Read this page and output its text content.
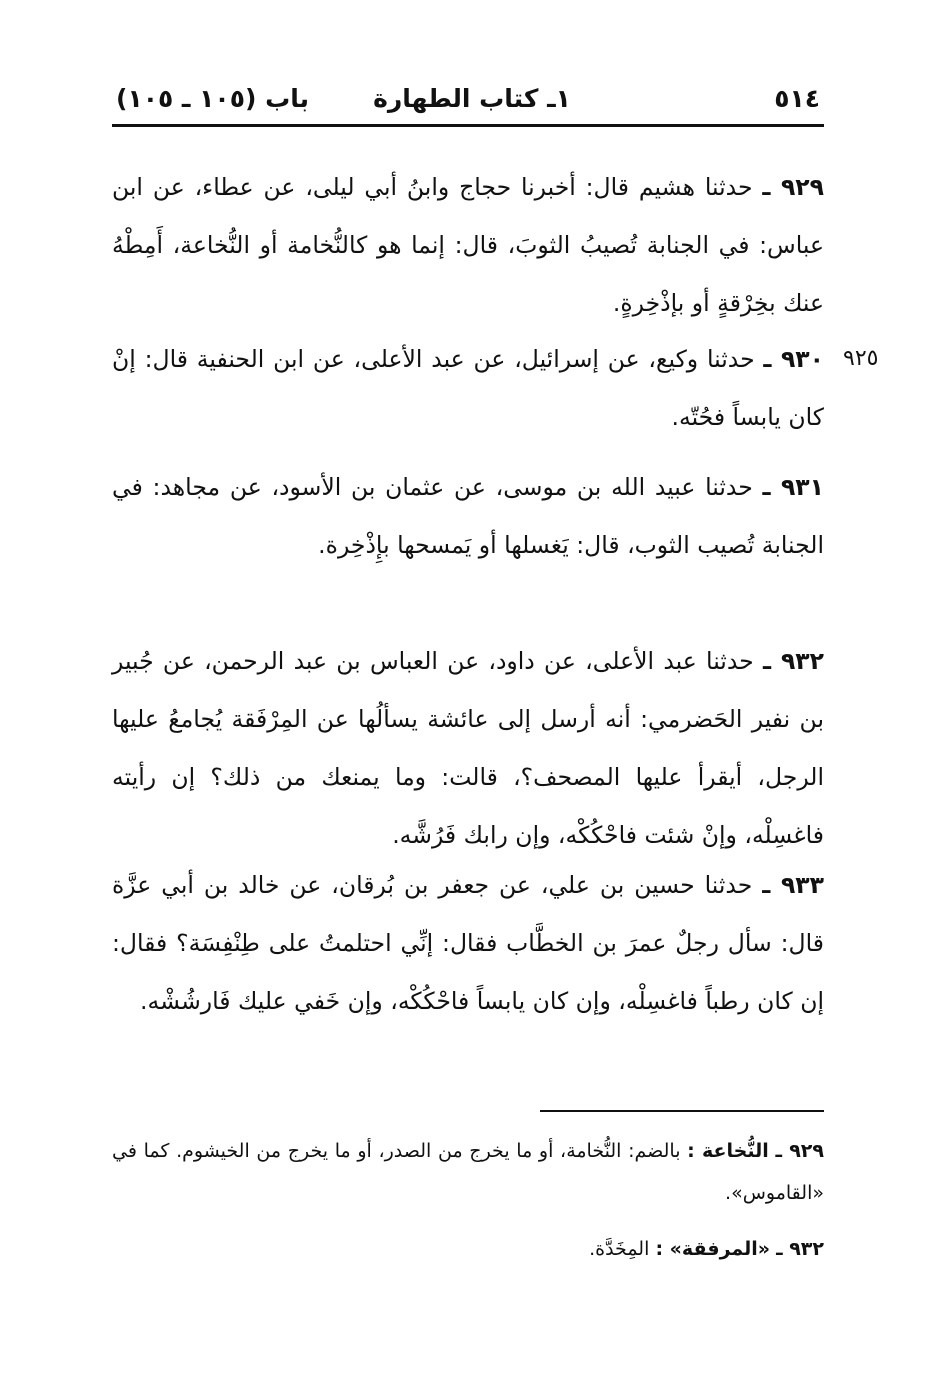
٥١٤
١ـ كتاب الطهارة
باب (١٠٥ ـ ١٠٥)
٩٢٥
٩٢٩ ـ حدثنا هشيم قال: أخبرنا حجاج وابنُ أبي ليلى، عن عطاء، عن ابن عباس: في الجنابة تُصيبُ الثوبَ، قال: إنما هو كالنُّخامة أو النُّخاعة، أَمِطْهُ عنك بخِرْقةٍ أو بإذْخِرةٍ.
٩٣٠ ـ حدثنا وكيع، عن إسرائيل، عن عبد الأعلى، عن ابن الحنفية قال: إنْ كان يابساً فحُتّه.
٩٣١ ـ حدثنا عبيد الله بن موسى، عن عثمان بن الأسود، عن مجاهد: في الجنابة تُصيب الثوب، قال: يَغسلها أو يَمسحها بإِذْخِرة.
٩٣٢ ـ حدثنا عبد الأعلى، عن داود، عن العباس بن عبد الرحمن، عن جُبير بن نفير الحَضرمي: أنه أرسل إلى عائشة يسألُها عن المِرْفَقة يُجامعُ عليها الرجل، أيقرأ عليها المصحف؟، قالت: وما يمنعك من ذلك؟ إن رأيته فاغسِلْه، وإنْ شئت فاحْكُكْه، وإن رابك فَرُشَّه.
٩٣٣ ـ حدثنا حسين بن علي، عن جعفر بن بُرقان، عن خالد بن أبي عزَّة قال: سأل رجلٌ عمرَ بن الخطَّاب فقال: إنِّي احتلمتُ على طِنْفِسَة؟ فقال: إن كان رطباً فاغسِلْه، وإن كان يابساً فاحْكُكْه، وإن خَفي عليك فَارشُشْه.
٩٢٩ ـ النُّخاعة : بالضم: النُّخامة، أو ما يخرج من الصدر، أو ما يخرج من الخيشوم. كما في «القاموس».
٩٣٢ ـ «المرفقة» : المِخَدَّة.
